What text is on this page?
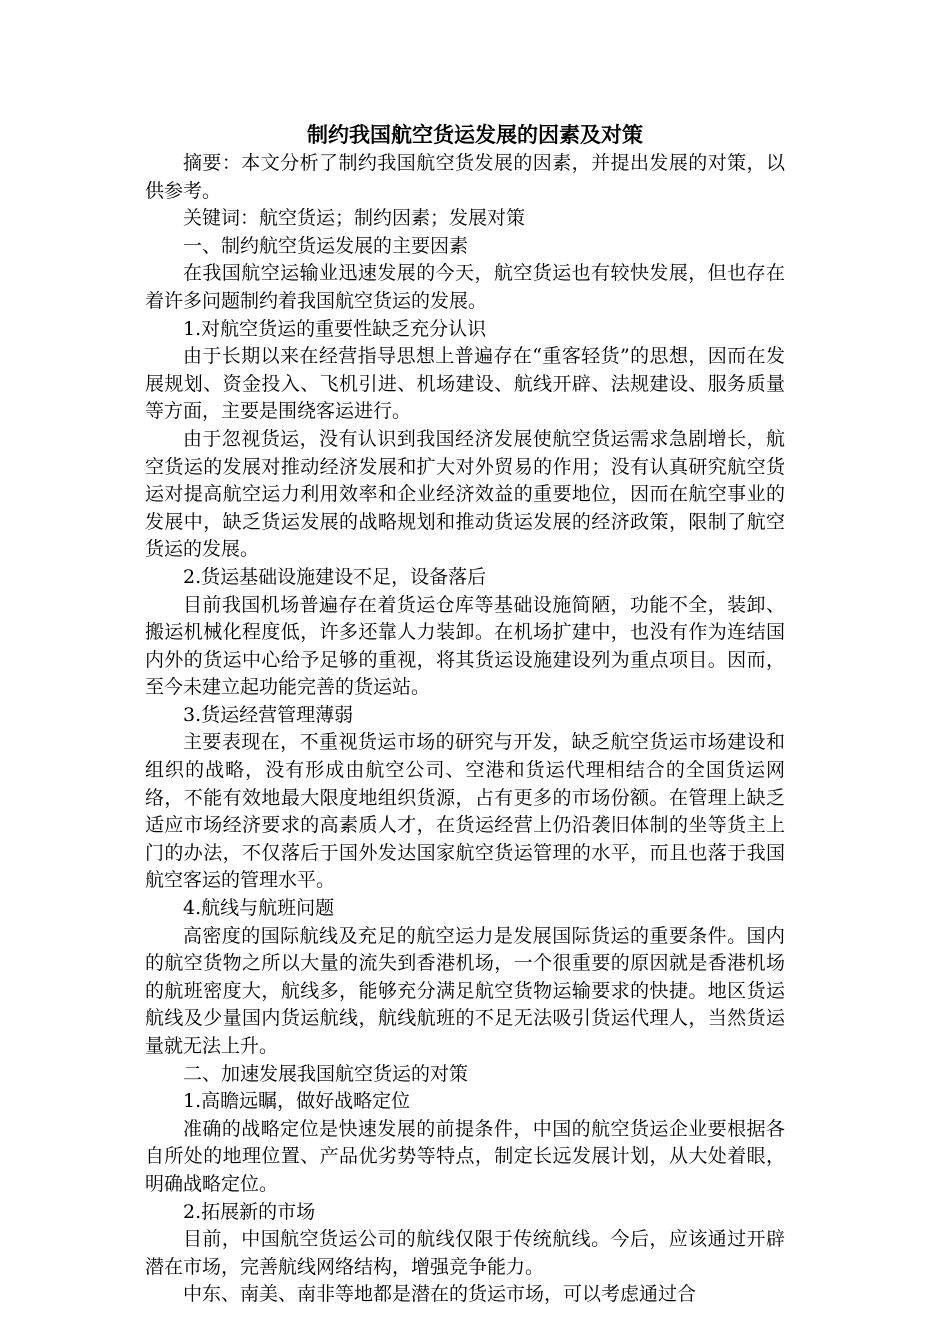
制约我国航空货运发展的因素及对策

摘要：本文分析了制约我国航空货发展的因素，并提出发展的对策，以供参考。

关键词：航空货运；制约因素；发展对策

一、制约航空货运发展的主要因素

在我国航空运输业迅速发展的今天，航空货运也有较快发展，但也存在着许多问题制约着我国航空货运的发展。

1.对航空货运的重要性缺乏充分认识

由于长期以来在经营指导思想上普遍存在“重客轻货”的思想，因而在发展规划、资金投入、飞机引进、机场建设、航线开辟、法规建设、服务质量等方面，主要是围绕客运进行。

由于忽视货运，没有认识到我国经济发展使航空货运需求急剧增长，航空货运的发展对推动经济发展和扩大对外贸易的作用；没有认真研究航空货运对提高航空运力利用效率和企业经济效益的重要地位，因而在航空事业的发展中，缺乏货运发展的战略规划和推动货运发展的经济政策，限制了航空货运的发展。

2.货运基础设施建设不足，设备落后

目前我国机场普遍存在着货运仓库等基础设施简陋，功能不全，装卸、搬运机械化程度低，许多还靠人力装卸。在机场扩建中，也没有作为连结国内外的货运中心给予足够的重视，将其货运设施建设列为重点项目。因而，至今未建立起功能完善的货运站。

3.货运经营管理薄弱

主要表现在，不重视货运市场的研究与开发，缺乏航空货运市场建设和组织的战略，没有形成由航空公司、空港和货运代理相结合的全国货运网络，不能有效地最大限度地组织货源，占有更多的市场份额。在管理上缺乏适应市场经济要求的高素质人才，在货运经营上仍沿袭旧体制的坐等货主上门的办法，不仅落后于国外发达国家航空货运管理的水平，而且也落于我国航空客运的管理水平。

4.航线与航班问题

高密度的国际航线及充足的航空运力是发展国际货运的重要条件。国内的航空货物之所以大量的流失到香港机场，一个很重要的原因就是香港机场的航班密度大，航线多，能够充分满足航空货物运输要求的快捷。地区货运航线及少量国内货运航线，航线航班的不足无法吸引货运代理人，当然货运量就无法上升。

二、加速发展我国航空货运的对策

1.高瞻远瞩，做好战略定位

准确的战略定位是快速发展的前提条件，中国的航空货运企业要根据各自所处的地理位置、产品优劣势等特点，制定长远发展计划，从大处着眼，明确战略定位。

2.拓展新的市场

目前，中国航空货运公司的航线仅限于传统航线。今后，应该通过开辟潜在市场，完善航线网络结构，增强竞争能力。

中东、南美、南非等地都是潜在的货运市场，可以考虑通过合
